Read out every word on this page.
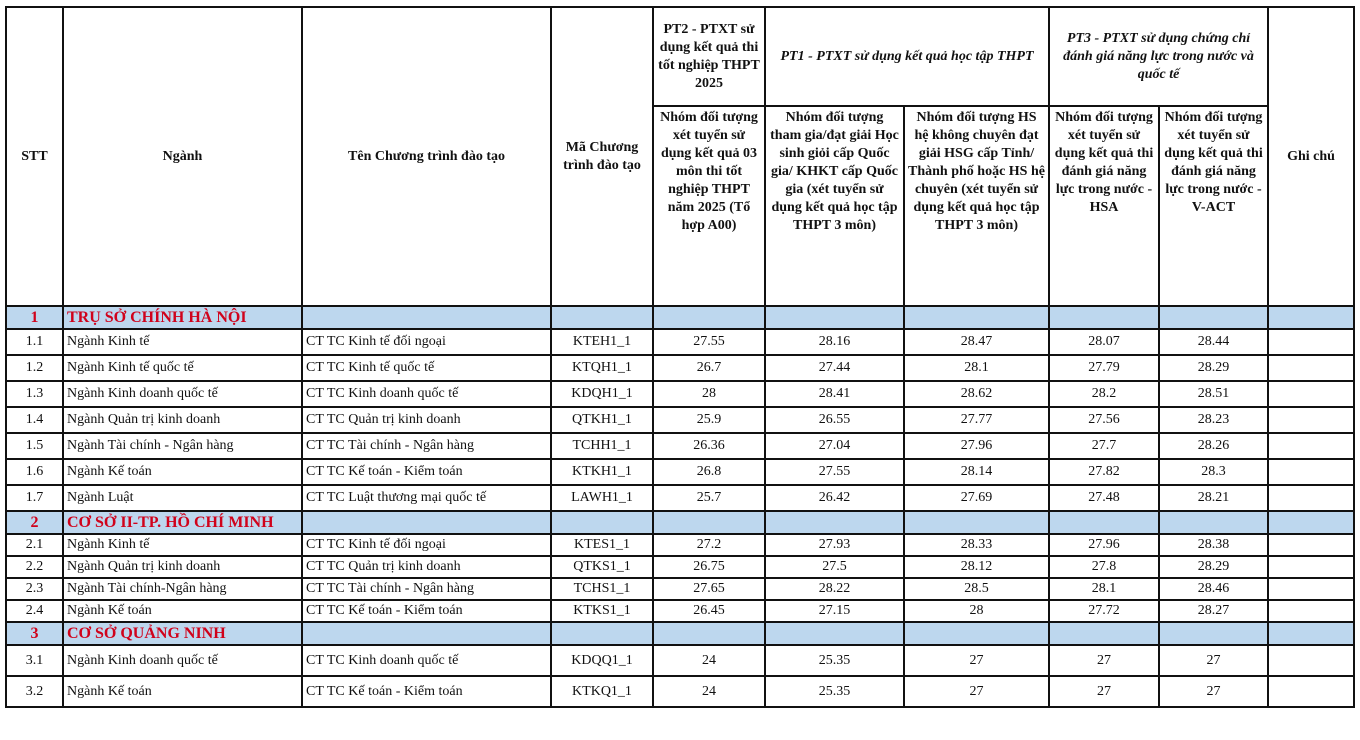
STT	Ngành	Tên Chương trình đào tạo	Mã Chương trình đào tạo	PT2 - PTXT sử dụng kết quả thi tốt nghiệp THPT 2025	PT1 - PTXT sử dụng kết quả học tập THPT		PT3 - PTXT sử dụng chứng chỉ đánh giá năng lực trong nước và quốc tế		Ghi chú
				Nhóm đối tượng xét tuyển sử dụng kết quả 03 môn thi tốt nghiệp THPT năm 2025 (Tổ hợp A00)	Nhóm đối tượng tham gia/đạt giải Học sinh giỏi cấp Quốc gia/ KHKT cấp Quốc gia (xét tuyển sử dụng kết quả học tập THPT 3 môn)	Nhóm đối tượng HS hệ không chuyên đạt giải HSG cấp Tỉnh/ Thành phố hoặc HS hệ chuyên (xét tuyển sử dụng kết quả học tập THPT 3 môn)	Nhóm đối tượng xét tuyển sử dụng kết quả thi đánh giá năng lực trong nước - HSA	Nhóm đối tượng xét tuyển sử dụng kết quả thi đánh giá năng lực trong nước - V-ACT	
1	TRỤ SỞ CHÍNH HÀ NỘI								
1.1	Ngành Kinh tế	CT TC Kinh tế đối ngoại	KTEH1_1	27.55	28.16	28.47	28.07	28.44	
1.2	Ngành Kinh tế quốc tế	CT TC Kinh tế quốc tế	KTQH1_1	26.7	27.44	28.1	27.79	28.29	
1.3	Ngành Kinh doanh quốc tế	CT TC Kinh doanh quốc tế	KDQH1_1	28	28.41	28.62	28.2	28.51	
1.4	Ngành Quản trị kinh doanh	CT TC Quản trị kinh doanh	QTKH1_1	25.9	26.55	27.77	27.56	28.23	
1.5	Ngành Tài chính - Ngân hàng	CT TC Tài chính - Ngân hàng	TCHH1_1	26.36	27.04	27.96	27.7	28.26	
1.6	Ngành Kế toán	CT TC Kế toán - Kiểm toán	KTKH1_1	26.8	27.55	28.14	27.82	28.3	
1.7	Ngành Luật	CT TC Luật thương mại quốc tế	LAWH1_1	25.7	26.42	27.69	27.48	28.21	
2	CƠ SỞ II-TP. HỒ CHÍ MINH								
2.1	Ngành Kinh tế	CT TC Kinh tế đối ngoại	KTES1_1	27.2	27.93	28.33	27.96	28.38	
2.2	Ngành Quản trị kinh doanh	CT TC Quản trị kinh doanh	QTKS1_1	26.75	27.5	28.12	27.8	28.29	
2.3	Ngành Tài chính-Ngân hàng	CT TC Tài chính - Ngân hàng	TCHS1_1	27.65	28.22	28.5	28.1	28.46	
2.4	Ngành Kế toán	CT TC Kế toán - Kiểm toán	KTKS1_1	26.45	27.15	28	27.72	28.27	
3	CƠ SỞ QUẢNG NINH								
3.1	Ngành Kinh doanh quốc tế	CT TC Kinh doanh quốc tế	KDQQ1_1	24	25.35	27	27	27	
3.2	Ngành Kế toán	CT TC Kế toán - Kiểm toán	KTKQ1_1	24	25.35	27	27	27	
